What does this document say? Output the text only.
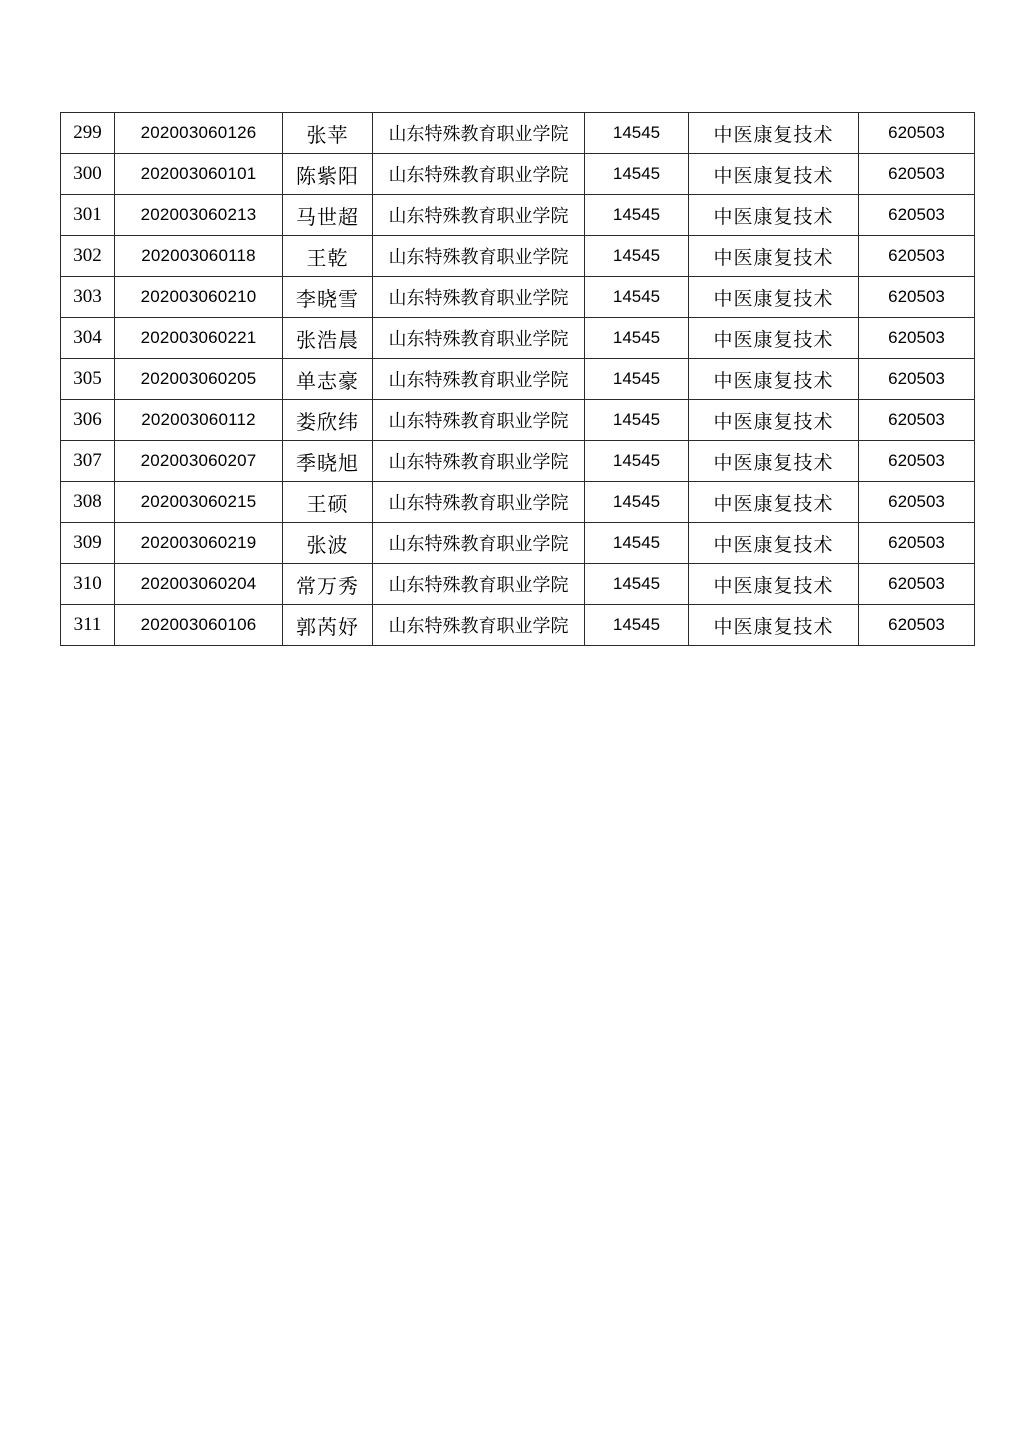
299	202003060126	张苹	山东特殊教育职业学院	14545	中医康复技术	620503
300	202003060101	陈紫阳	山东特殊教育职业学院	14545	中医康复技术	620503
301	202003060213	马世超	山东特殊教育职业学院	14545	中医康复技术	620503
302	202003060118	王乾	山东特殊教育职业学院	14545	中医康复技术	620503
303	202003060210	李晓雪	山东特殊教育职业学院	14545	中医康复技术	620503
304	202003060221	张浩晨	山东特殊教育职业学院	14545	中医康复技术	620503
305	202003060205	单志豪	山东特殊教育职业学院	14545	中医康复技术	620503
306	202003060112	娄欣纬	山东特殊教育职业学院	14545	中医康复技术	620503
307	202003060207	季晓旭	山东特殊教育职业学院	14545	中医康复技术	620503
308	202003060215	王硕	山东特殊教育职业学院	14545	中医康复技术	620503
309	202003060219	张波	山东特殊教育职业学院	14545	中医康复技术	620503
310	202003060204	常万秀	山东特殊教育职业学院	14545	中医康复技术	620503
311	202003060106	郭芮妤	山东特殊教育职业学院	14545	中医康复技术	620503
